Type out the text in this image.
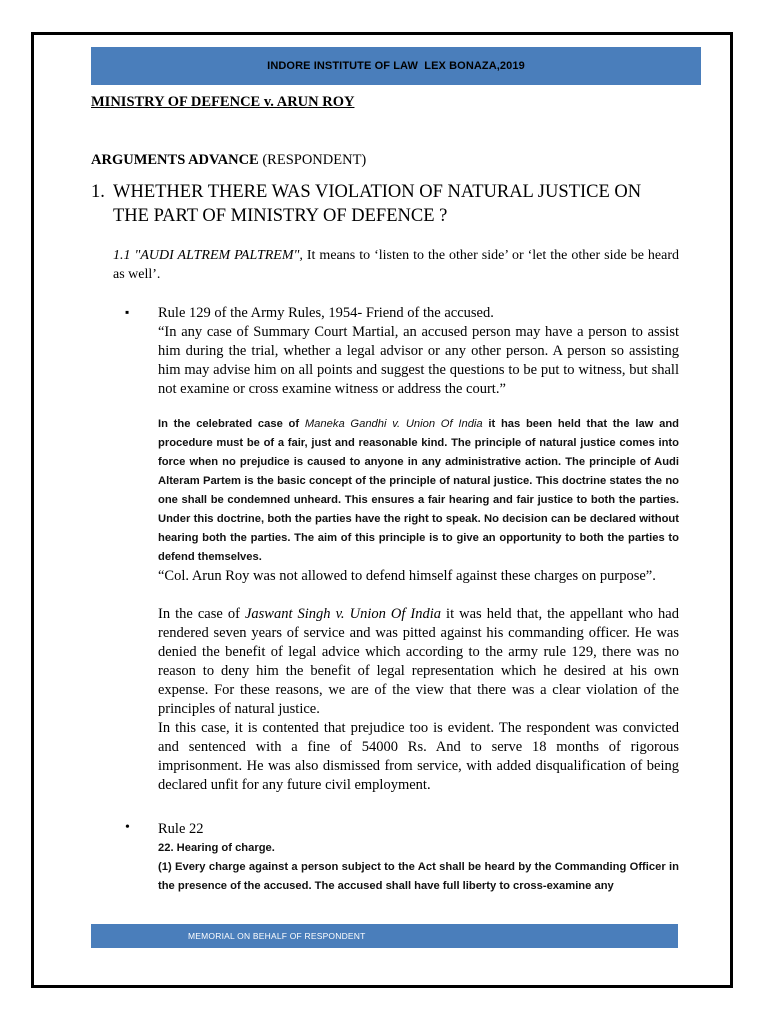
INDORE INSTITUTE OF LAW  LEX BONAZA,2019
MINISTRY OF DEFENCE v. ARUN ROY
ARGUMENTS ADVANCE (RESPONDENT)
1. WHETHER THERE WAS VIOLATION OF NATURAL JUSTICE ON THE PART OF MINISTRY OF DEFENCE ?
1.1 "AUDI ALTREM PALTREM", It means to ‘listen to the other side’ or ‘let the other side be heard as well’.
▪ Rule 129 of the Army Rules, 1954- Friend of the accused.

“In any case of Summary Court Martial, an accused person may have a person to assist him during the trial, whether a legal advisor or any other person. A person so assisting him may advise him on all points and suggest the questions to be put to witness, but shall not examine or cross examine witness or address the court.”

In the celebrated case of Maneka Gandhi v. Union Of India it has been held that the law and procedure must be of a fair, just and reasonable kind. The principle of natural justice comes into force when no prejudice is caused to anyone in any administrative action. The principle of Audi Alteram Partem is the basic concept of the principle of natural justice. This doctrine states the no one shall be condemned unheard. This ensures a fair hearing and fair justice to both the parties. Under this doctrine, both the parties have the right to speak. No decision can be declared without hearing both the parties. The aim of this principle is to give an opportunity to both the parties to defend themselves.

“Col. Arun Roy was not allowed to defend himself against these charges on purpose”.

In the case of Jaswant Singh v. Union Of India it was held that, the appellant who had rendered seven years of service and was pitted against his commanding officer. He was denied the benefit of legal advice which according to the army rule 129, there was no reason to deny him the benefit of legal representation which he desired at his own expense. For these reasons, we are of the view that there was a clear violation of the principles of natural justice.

In this case, it is contented that prejudice too is evident. The respondent was convicted and sentenced with a fine of 54000 Rs. And to serve 18 months of rigorous imprisonment. He was also dismissed from service, with added disqualification of being declared unfit for any future civil employment.

• Rule 22

22. Hearing of charge.

(1) Every charge against a person subject to the Act shall be heard by the Commanding Officer in the presence of the accused. The accused shall have full liberty to cross-examine any

MEMORIAL ON BEHALF OF RESPONDENT
